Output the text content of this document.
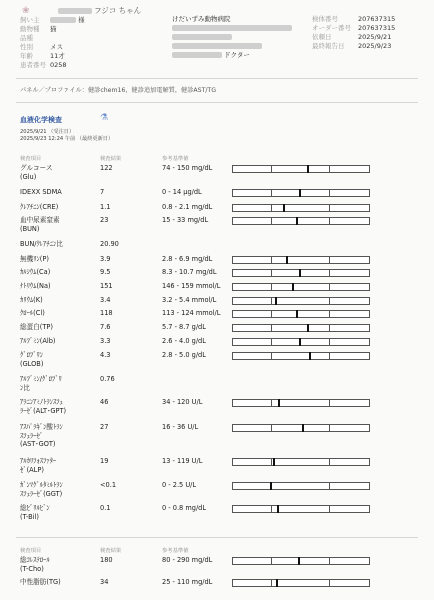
❀	フジコ ちゃん
飼い主	様
動物種 猫
品種
性別	メス
年齢	11才
患者番号 0258
けだいずみ動物病院
ドクター
検体番号	207637315
オーダー番号 207637315
依頼日	2025/9/21
最終報告日 2025/9/23
パネル／プロファイル：健診chem16，健診追加電解質，健診AST/TG
血液化学検査	⚗
2025/9/21 （受注日）
2025/9/23 12:24 午前 （最終更新日）
検査項目	検査結果	参考基準値
グルコース
(Glu)
122	74 - 150 mg/dL
IDEXX SDMA	7	0 - 14 µg/dL
ｸﾚｱﾁﾆﾝ(CRE)	1.1	0.8 - 2.1 mg/dL
血中尿素窒素
(BUN)
23	15 - 33 mg/dL
BUN/ｸﾚｱﾁﾆﾝ比	20.90
無機ﾘﾝ(P)	3.9	2.8 - 6.9 mg/dL
ｶﾙｼｳﾑ(Ca)	9.5	8.3 - 10.7 mg/dL
ﾅﾄﾘｳﾑ(Na)	151	146 - 159 mmol/L
ｶﾘｳﾑ(K)	3.4	3.2 - 5.4 mmol/L
ｸﾛｰﾙ(Cl)	118	113 - 124 mmol/L
総蛋白(TP)	7.6	5.7 - 8.7 g/dL
ｱﾙﾌﾞﾐﾝ(Alb)	3.3	2.6 - 4.0 g/dL
ｸﾞﾛﾌﾞﾘﾝ
(GLOB)
4.3	2.8 - 5.0 g/dL
ｱﾙﾌﾞﾐﾝ/ｸﾞﾛﾌﾞﾘ
ﾝ比
0.76
ｱﾗﾆﾝｱﾐﾉﾄﾗﾝｽﾌｪ
ﾗｰｾﾞ(ALT･GPT)
46	34 - 120 U/L
ｱｽﾊﾟﾗｷﾞﾝ酸ﾄﾗﾝ
ｽﾌｪﾗｰｾﾞ
(AST･GOT)
27	16 - 36 U/L
ｱﾙｶﾘﾌｫｽﾌｧﾀｰ
ｾﾞ(ALP)
19	13 - 119 U/L
ｶﾞﾝﾏｸﾞﾙﾀﾐﾙﾄﾗﾝ
ｽﾌｪﾗｰｾﾞ(GGT)
<0.1	0 - 2.5 U/L
総ﾋﾞﾘﾙﾋﾞﾝ
(T-Bil)
0.1	0 - 0.8 mg/dL
検査項目	検査結果	参考基準値
総ｺﾚｽﾃﾛｰﾙ
(T-Cho)
180	80 - 290 mg/dL
中性脂肪(TG)	34	25 - 110 mg/dL
